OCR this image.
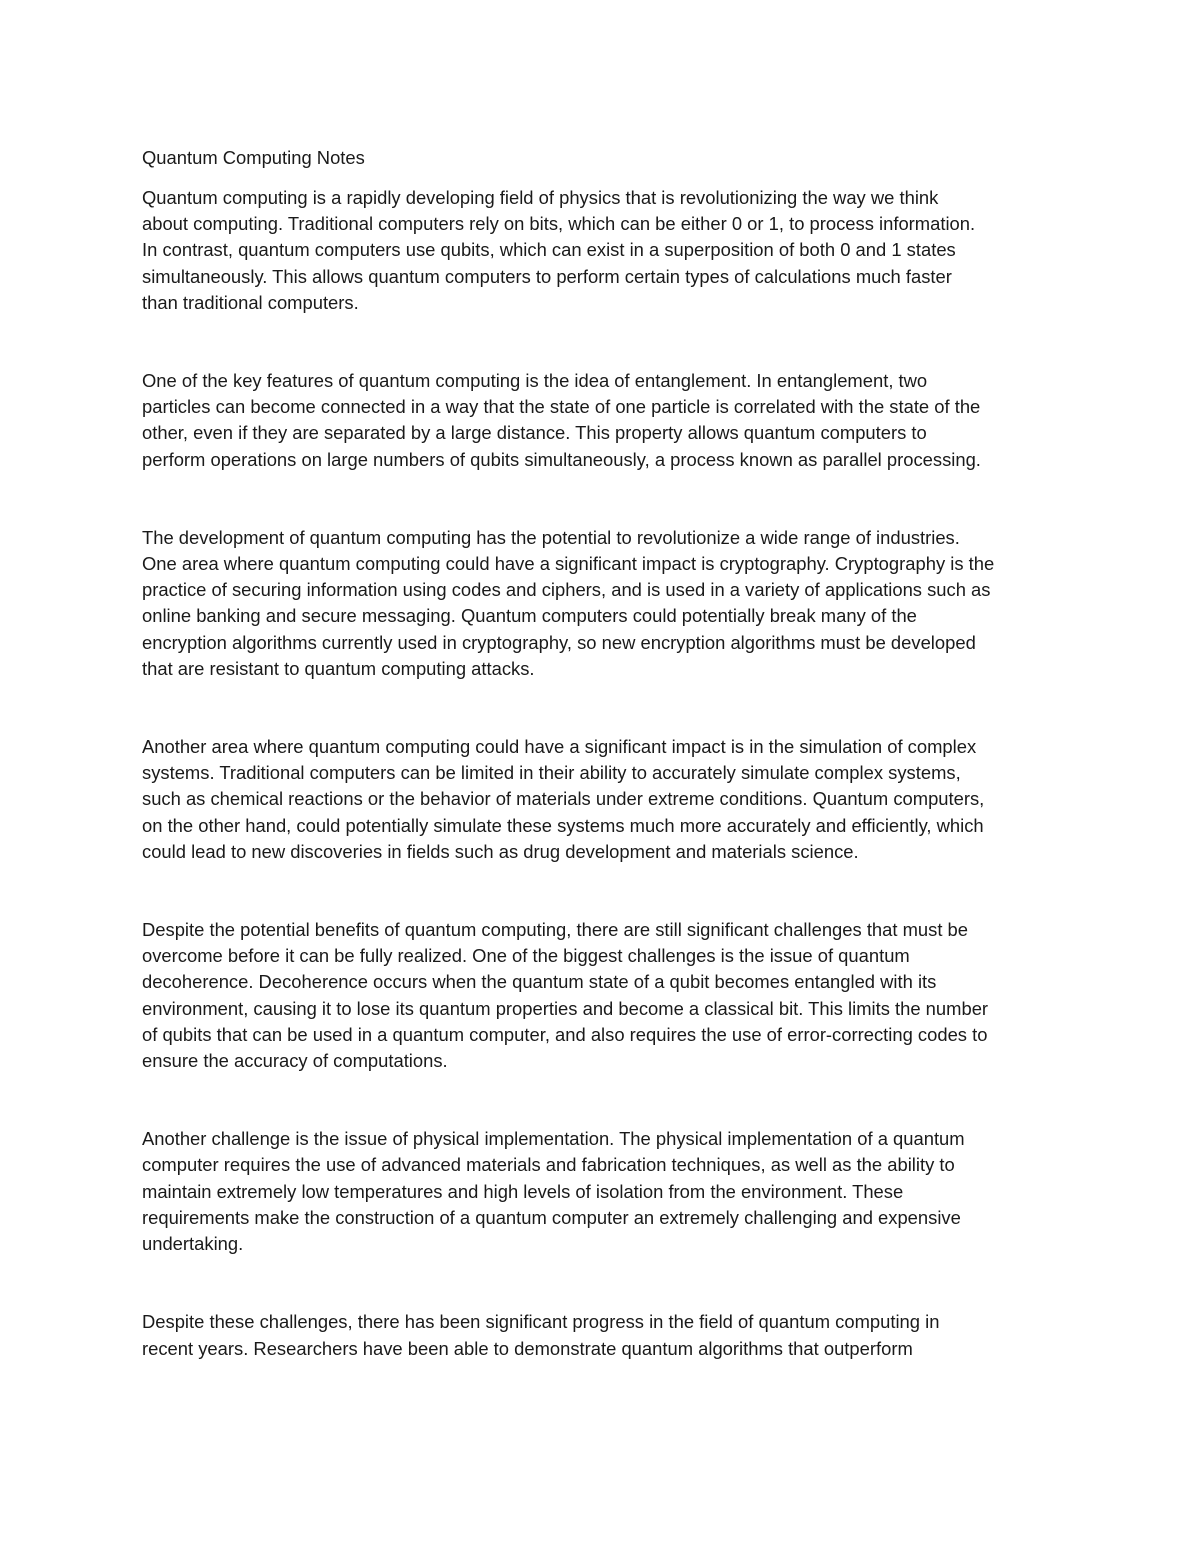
Quantum Computing Notes

Quantum computing is a rapidly developing field of physics that is revolutionizing the way we think
about computing. Traditional computers rely on bits, which can be either 0 or 1, to process information.
In contrast, quantum computers use qubits, which can exist in a superposition of both 0 and 1 states
simultaneously. This allows quantum computers to perform certain types of calculations much faster
than traditional computers.

One of the key features of quantum computing is the idea of entanglement. In entanglement, two
particles can become connected in a way that the state of one particle is correlated with the state of the
other, even if they are separated by a large distance. This property allows quantum computers to
perform operations on large numbers of qubits simultaneously, a process known as parallel processing.

The development of quantum computing has the potential to revolutionize a wide range of industries.
One area where quantum computing could have a significant impact is cryptography. Cryptography is the
practice of securing information using codes and ciphers, and is used in a variety of applications such as
online banking and secure messaging. Quantum computers could potentially break many of the
encryption algorithms currently used in cryptography, so new encryption algorithms must be developed
that are resistant to quantum computing attacks.

Another area where quantum computing could have a significant impact is in the simulation of complex
systems. Traditional computers can be limited in their ability to accurately simulate complex systems,
such as chemical reactions or the behavior of materials under extreme conditions. Quantum computers,
on the other hand, could potentially simulate these systems much more accurately and efficiently, which
could lead to new discoveries in fields such as drug development and materials science.

Despite the potential benefits of quantum computing, there are still significant challenges that must be
overcome before it can be fully realized. One of the biggest challenges is the issue of quantum
decoherence. Decoherence occurs when the quantum state of a qubit becomes entangled with its
environment, causing it to lose its quantum properties and become a classical bit. This limits the number
of qubits that can be used in a quantum computer, and also requires the use of error-correcting codes to
ensure the accuracy of computations.

Another challenge is the issue of physical implementation. The physical implementation of a quantum
computer requires the use of advanced materials and fabrication techniques, as well as the ability to
maintain extremely low temperatures and high levels of isolation from the environment. These
requirements make the construction of a quantum computer an extremely challenging and expensive
undertaking.

Despite these challenges, there has been significant progress in the field of quantum computing in
recent years. Researchers have been able to demonstrate quantum algorithms that outperform
